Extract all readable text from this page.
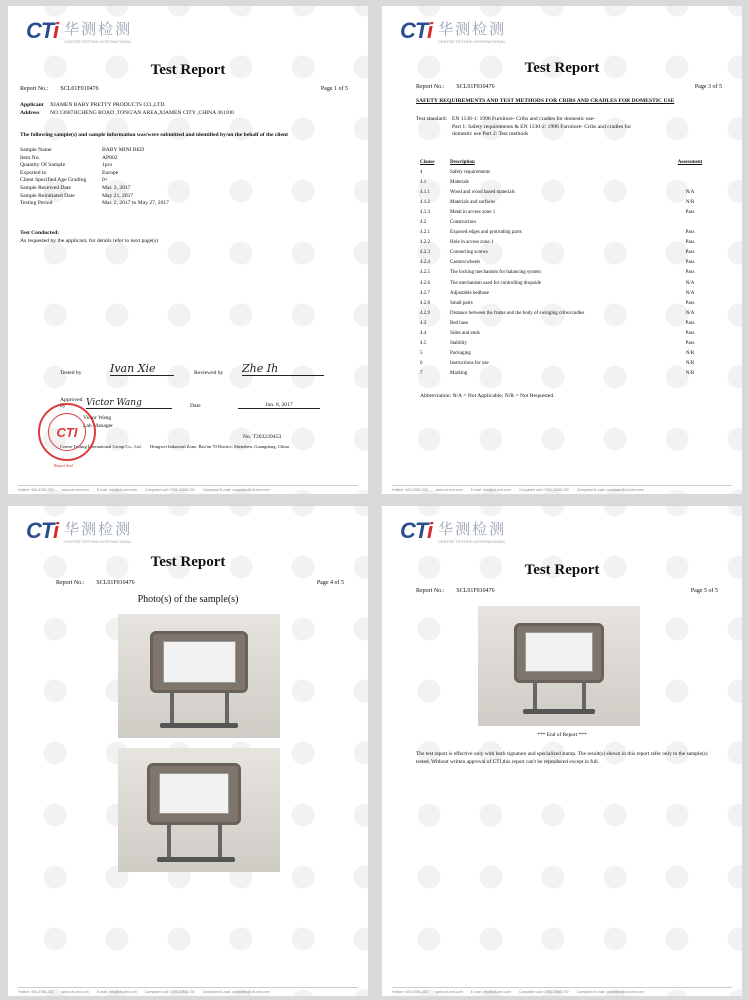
CTi 华测检测
CENTRE TESTING INTERNATIONAL
Test Report
Report No.: SCL01F010476	Page 1 of 5
Applicant	XIAMEN BABY PRETTY PRODUCTS CO.,LTD.
Address	NO.13687JICHENG ROAD ,TONG'AN AREA,XIAMEN CITY ,CHINA 361100
The following sample(s) and sample information was/were submitted and identified by/on the behalf of the client
Sample Name	BABY MINI BED
Item No.	AP802
Quantity Of Sample	1pcs
Exported to	Europe
Client Specified Age Grading	0+
Sample Received Date	Mar. 2, 2017
Sample Reinitiated Date	May 21, 2017
Testing Period	Mar. 2, 2017 to May 27, 2017
Test Conducted:
As requested by the applicant, for details refer to next page(s)
Tested by	Ivan Xie	Reviewed by	Zhe Ih
Approved by	Victor Wang	Date	Jun. 8, 2017
Victor Wang
Lab Manager
No. T203239453
Centre Testing International Group Co., Ltd. Hongwei Industrial Zone, Bao'an 70 District, Shenzhen, Guangdong, China
CTI
Report Seal
Hotline: 400-6788-333 www.cti-cert.com E-mail: info@cti-cert.com Complaint call: 0755-33681700 Complaint E-mail: complaint@cti-cert.com
CTi 华测检测
CENTRE TESTING INTERNATIONAL
Test Report
Report No.: SCL01F010476	Page 3 of 5
SAFETY REQUIREMENTS AND TEST METHODS FOR CRIBS AND CRADLES FOR DOMESTIC USE
Test standard: EN 1130-1: 1996 Furniture- Cribs and cradles for domestic use-
Part 1: Safety requirements & EN 1130-2: 1996 Furniture- Cribs and cradles for
domestic use Part 2: Test methods
Clause	Description	Assessment
4	Safety requirements	
4.1	Materials	
4.1.1	Wood and wood based materials	N/A
4.1.2	Materials and surfaces	N/R
4.1.3	Metal in access zone 1	Pass
4.2	Construction	
4.2.1	Exposed edges and protruding parts	Pass
4.2.2	Hole in access zone 1	Pass
4.2.3	Connecting screws	Pass
4.2.4	Castors/wheels	Pass
4.2.5	The locking mechanism for balancing system	Pass
4.2.6	The mechanism used for controlling dropside	N/A
4.2.7	Adjustable bedbase	N/A
4.2.8	Small parts	Pass
4.2.9	Distance between the frame and the body of swinging cribs/cradles	N/A
4.3	Bed base	Pass
4.4	Sides and ends	Pass
4.5	Stability	Pass
5	Packaging	N/R
6	Instructions for use	N/R
7	Marking	N/R
Abbreviation: N/A = Not Applicable; N/R = Not Requested.
Hotline: 400-6788-333 www.cti-cert.com E-mail: info@cti-cert.com Complaint call: 0755-33681700 Complaint E-mail: complaint@cti-cert.com
CTi 华测检测
CENTRE TESTING INTERNATIONAL
Test Report
Report No.: SCL01F010476	Page 4 of 5
Photo(s) of the sample(s)
Hotline: 400-6788-333 www.cti-cert.com E-mail: info@cti-cert.com Complaint call: 0755-33681700 Complaint E-mail: complaint@cti-cert.com
CTi 华测检测
CENTRE TESTING INTERNATIONAL
Test Report
Report No.: SCL01F010476	Page 5 of 5
*** End of Report ***
The test report is effective only with both signature and specialized stamp. The result(s) shown in this report refer only to the sample(s) tested. Without written approval of CTI,this report can't be reproduced except in full.
Hotline: 400-6788-333 www.cti-cert.com E-mail: info@cti-cert.com Complaint call: 0755-33681700 Complaint E-mail: complaint@cti-cert.com
